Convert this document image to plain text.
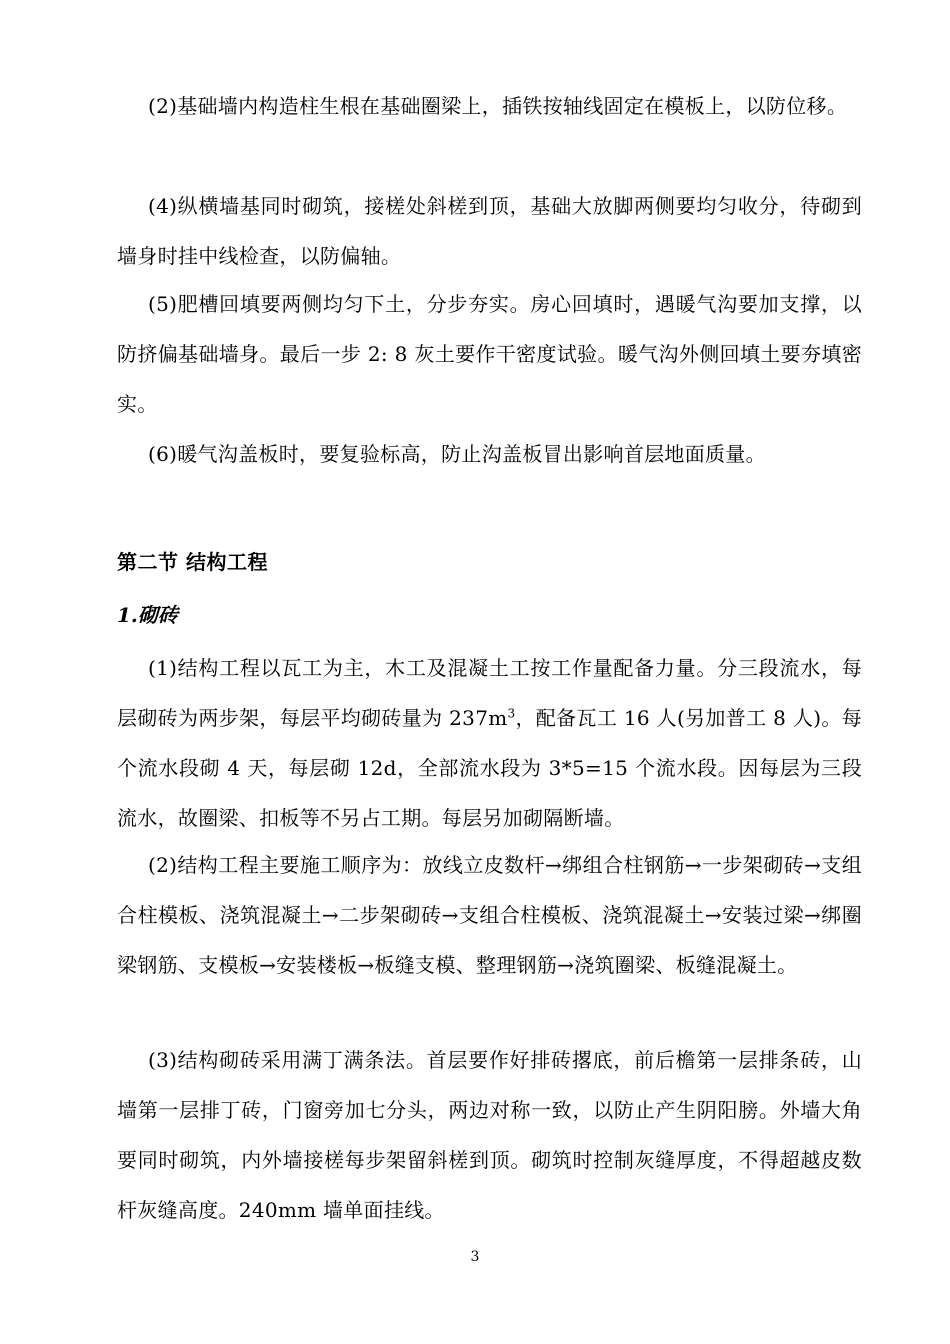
(2)基础墙内构造柱生根在基础圈梁上，插铁按轴线固定在模板上，以防位移。

(4)纵横墙基同时砌筑，接槎处斜槎到顶，基础大放脚两侧要均匀收分，待砌到墙身时挂中线检查，以防偏轴。

(5)肥槽回填要两侧均匀下土，分步夯实。房心回填时，遇暖气沟要加支撑，以防挤偏基础墙身。最后一步 2: 8 灰土要作干密度试验。暖气沟外侧回填土要夯填密实。

(6)暖气沟盖板时，要复验标高，防止沟盖板冒出影响首层地面质量。

第二节 结构工程
1.砌砖

(1)结构工程以瓦工为主，木工及混凝土工按工作量配备力量。分三段流水，每层砌砖为两步架，每层平均砌砖量为 $237m^3$，配备瓦工 16 人(另加普工 8 人)。每个流水段砌 4 天，每层砌 12d，全部流水段为 3*5=15 个流水段。因每层为三段流水，故圈梁、扣板等不另占工期。每层另加砌隔断墙。

(2)结构工程主要施工顺序为：放线立皮数杆→绑组合柱钢筋→一步架砌砖→支组合柱模板、浇筑混凝土→二步架砌砖→支组合柱模板、浇筑混凝土→安装过梁→绑圈梁钢筋、支模板→安装楼板→板缝支模、整理钢筋→浇筑圈梁、板缝混凝土。

(3)结构砌砖采用满丁满条法。首层要作好排砖撂底，前后檐第一层排条砖，山墙第一层排丁砖，门窗旁加七分头，两边对称一致，以防止产生阴阳膀。外墙大角要同时砌筑，内外墙接槎每步架留斜槎到顶。砌筑时控制灰缝厚度，不得超越皮数杆灰缝高度。240mm 墙单面挂线。

3
